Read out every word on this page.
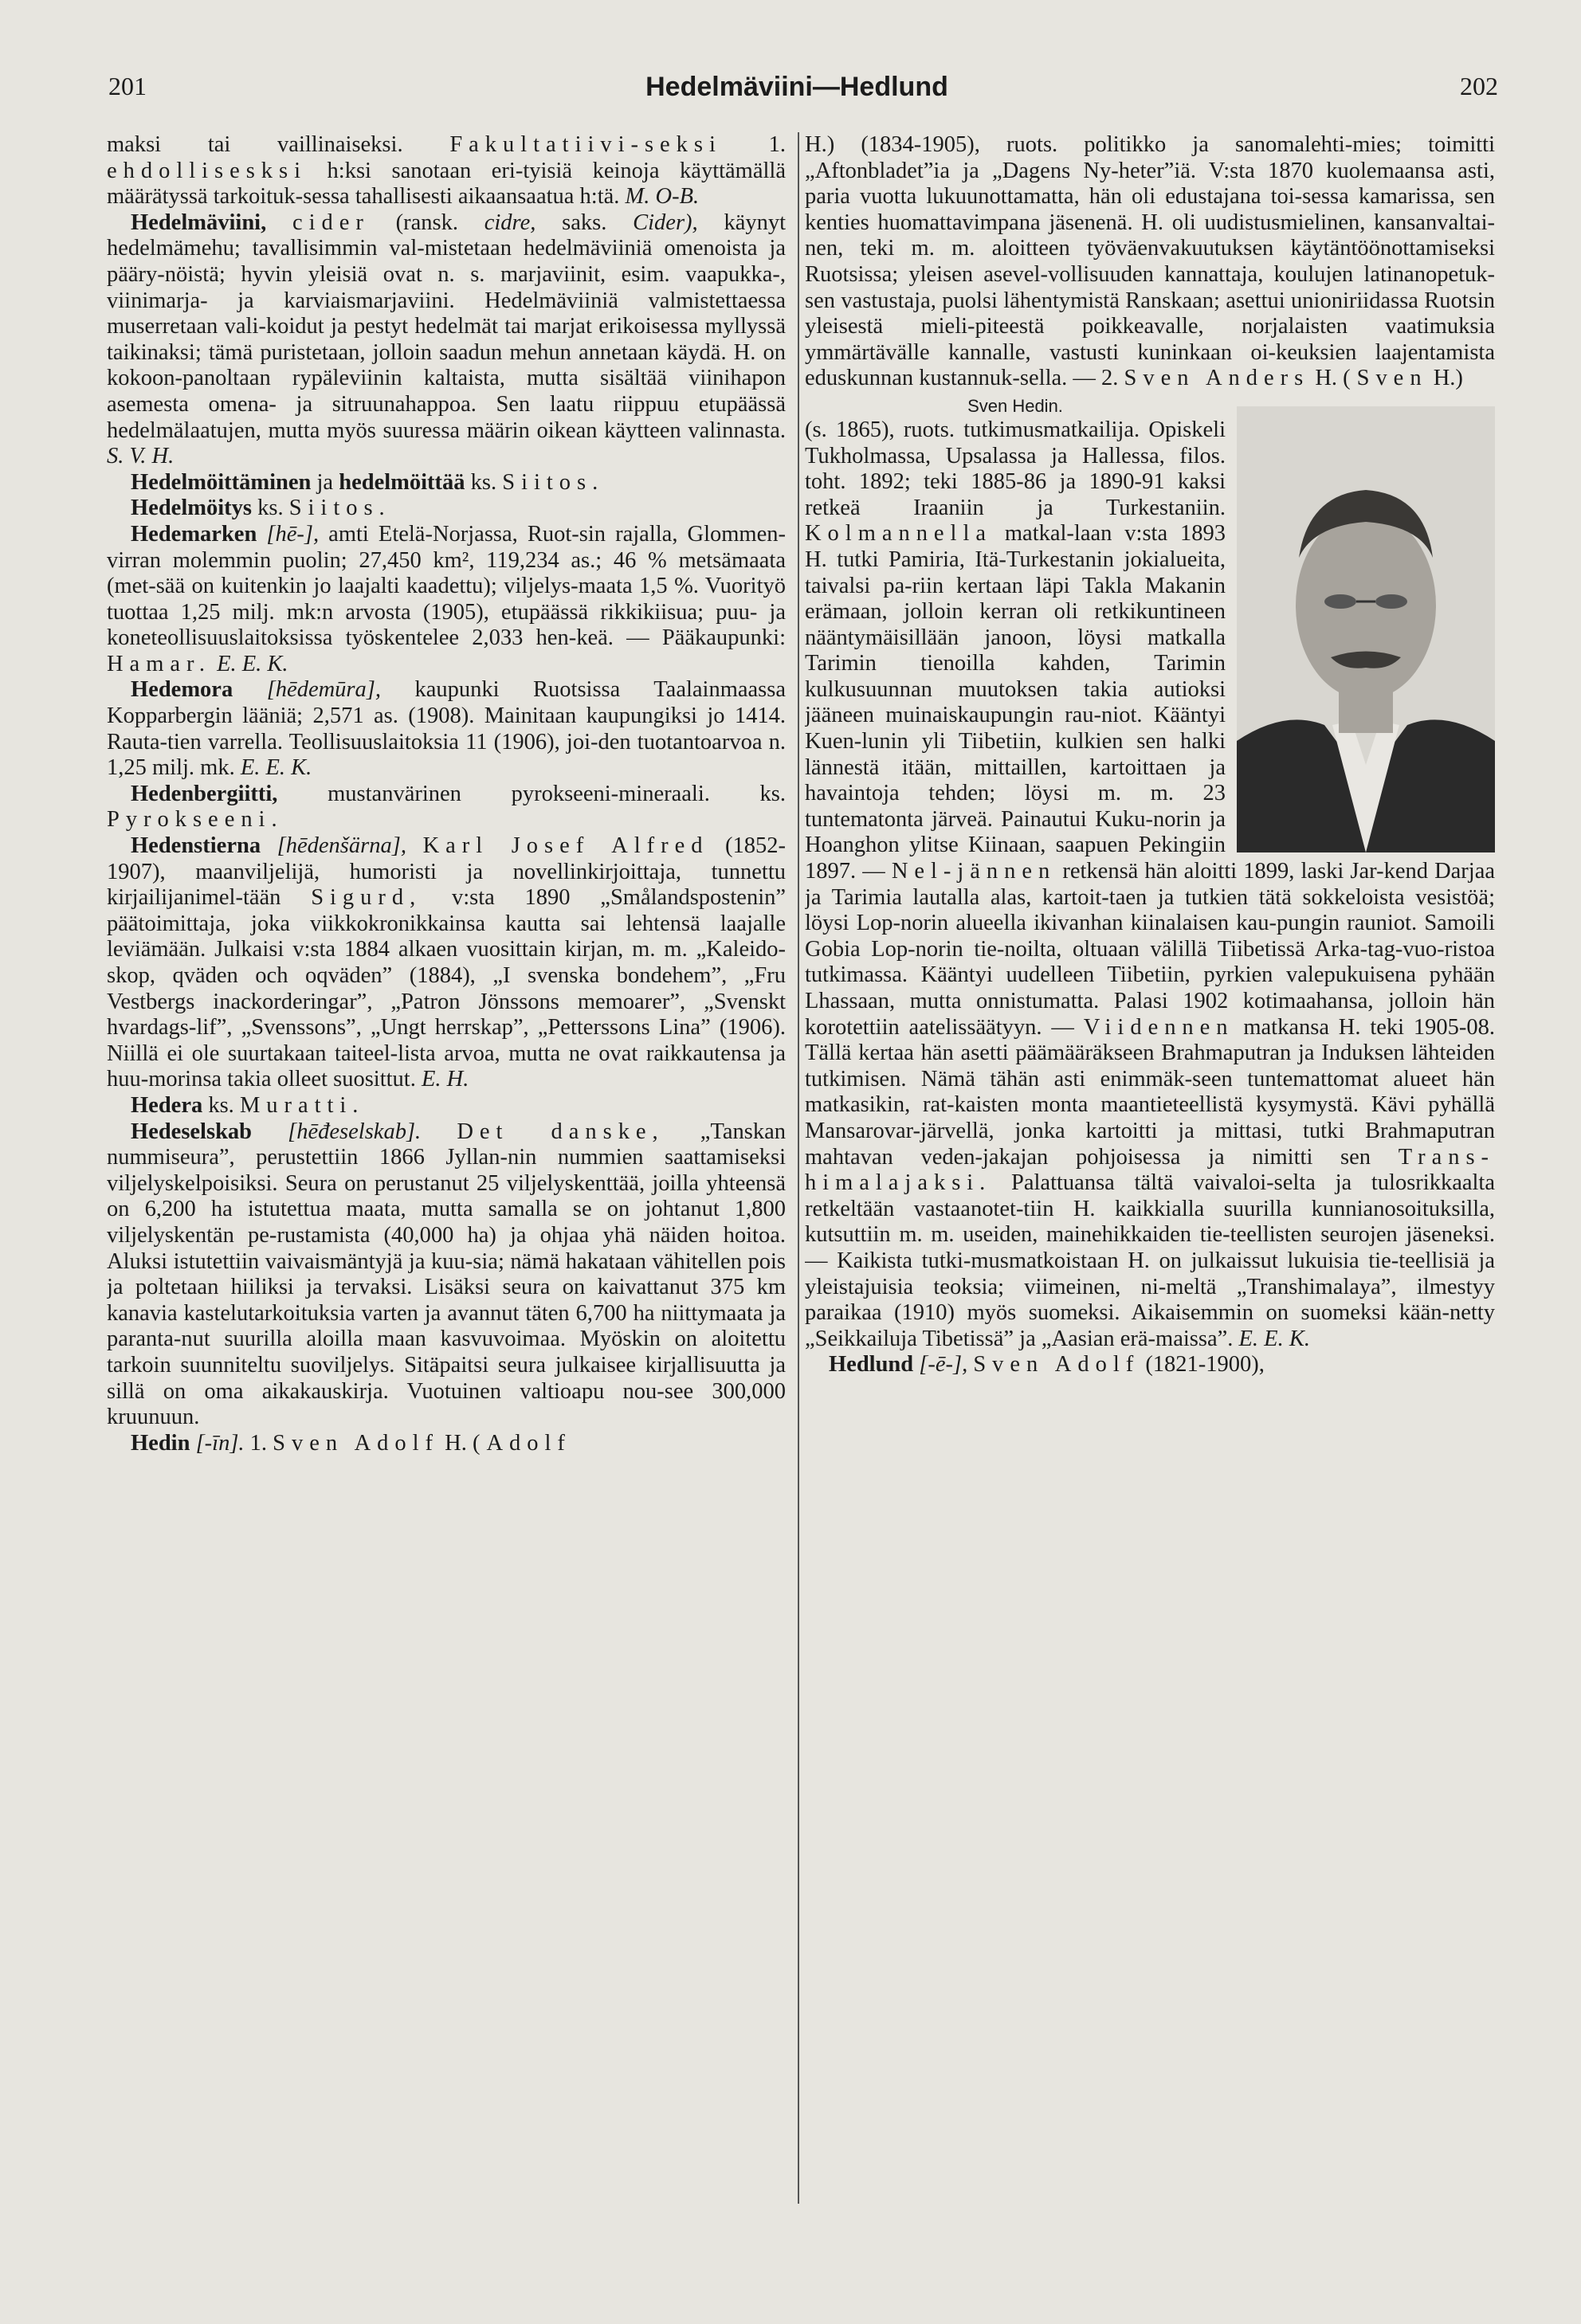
201	Hedelmäviini—Hedlund	202

maksi tai vaillinaiseksi. Fakultatiivi-seksi 1. ehdollisesksi h:ksi sanotaan eri-tyisiä keinoja käyttämällä määrätyssä tarkoituk-sessa tahallisesti aikaansaatua h:tä. M. O-B.

Hedelmäviini, cider (ransk. cidre, saks. Cider), käynyt hedelmämehu; tavallisimmin val-mistetaan hedelmäviiniä omenoista ja pääry-nöistä; hyvin yleisiä ovat n. s. marjaviinit, esim. vaapukka-, viinimarja- ja karviaismarjaviini. Hedelmäviiniä valmistettaessa muserretaan vali-koidut ja pestyt hedelmät tai marjat erikoisessa myllyssä taikinaksi; tämä puristetaan, jolloin saadun mehun annetaan käydä. H. on kokoon-panoltaan rypäleviinin kaltaista, mutta sisältää viinihapon asemesta omena- ja sitruunahappoa. Sen laatu riippuu etupäässä hedelmälaatujen, mutta myös suuressa määrin oikean käytteen valinnasta. S. V. H.

Hedelmöittäminen ja hedelmöittää ks. Siitos.

Hedelmöitys ks. Siitos.

Hedemarken [hē-], amti Etelä-Norjassa, Ruot-sin rajalla, Glommen-virran molemmin puolin; 27,450 km², 119,234 as.; 46 % metsämaata (met-sää on kuitenkin jo laajalti kaadettu); viljelys-maata 1,5 %. Vuorityö tuottaa 1,25 milj. mk:n arvosta (1905), etupäässä rikkikiisua; puu- ja koneteollisuuslaitoksissa työskentelee 2,033 hen-keä. — Pääkaupunki: Hamar. E. E. K.

Hedemora [hēdemūra], kaupunki Ruotsissa Taalainmaassa Kopparbergin lääniä; 2,571 as. (1908). Mainitaan kaupungiksi jo 1414. Rauta-tien varrella. Teollisuuslaitoksia 11 (1906), joi-den tuotantoarvoa n. 1,25 milj. mk. E. E. K.

Hedenbergiitti, mustanvärinen pyrokseeni-mineraali. ks. Pyrokseeni.

Hedenstierna [hēdenšärna], Karl Josef Alfred (1852-1907), maanviljelijä, humoristi ja novellinkirjoittaja, tunnettu kirjailijanimel-tään Sigurd, v:sta 1890 „Smålandspostenin” päätoimittaja, joka viikkokronikkainsa kautta sai lehtensä laajalle leviämään. Julkaisi v:sta 1884 alkaen vuosittain kirjan, m. m. „Kaleido-skop, qväden och oqväden” (1884), „I svenska bondehem”, „Fru Vestbergs inackorderingar”, „Patron Jönssons memoarer”, „Svenskt hvardags-lif”, „Svenssons”, „Ungt herrskap”, „Petterssons Lina” (1906). Niillä ei ole suurtakaan taiteel-lista arvoa, mutta ne ovat raikkautensa ja huu-morinsa takia olleet suosittut. E. H.

Hedera ks. Muratti.

Hedeselskab [hēđeselskab]. Det danske, „Tanskan nummiseura”, perustettiin 1866 Jyllan-nin nummien saattamiseksi viljelyskelpoisiksi. Seura on perustanut 25 viljelyskenttää, joilla yhteensä on 6,200 ha istutettua maata, mutta samalla se on johtanut 1,800 viljelyskentän pe-rustamista (40,000 ha) ja ohjaa yhä näiden hoitoa. Aluksi istutettiin vaivaismäntyjä ja kuu-sia; nämä hakataan vähitellen pois ja poltetaan hiiliksi ja tervaksi. Lisäksi seura on kaivattanut 375 km kanavia kastelutarkoituksia varten ja avannut täten 6,700 ha niittymaata ja paranta-nut suurilla aloilla maan kasvuvoimaa. Myöskin on aloitettu tarkoin suunniteltu suoviljelys. Sitäpaitsi seura julkaisee kirjallisuutta ja sillä on oma aikakauskirja. Vuotuinen valtioapu nou-see 300,000 kruunuun.

Hedin [-īn]. 1. Sven Adolf H. (Adolf

H.) (1834-1905), ruots. politikko ja sanomalehti-mies; toimitti „Aftonbladet”ia ja „Dagens Ny-heter”iä. V:sta 1870 kuolemaansa asti, paria vuotta lukuunottamatta, hän oli edustajana toi-sessa kamarissa, sen kenties huomattavimpana jäsenenä. H. oli uudistusmielinen, kansanvaltai-nen, teki m. m. aloitteen työväenvakuutuksen käytäntöönottamiseksi Ruotsissa; yleisen asevel-vollisuuden kannattaja, koulujen latinanopetuk-sen vastustaja, puolsi lähentymistä Ranskaan; asettui unioniriidassa Ruotsin yleisestä mieli-piteestä poikkeavalle, norjalaisten vaatimuksia ymmärtävälle kannalle, vastusti kuninkaan oi-keuksien laajentamista eduskunnan kustannuk-sella. — 2. Sven Anders H. (Sven H.)

Sven Hedin.
(s. 1865), ruots. tutkimusmatkailija. Opiskeli Tukholmassa, Upsalassa ja Hallessa, filos. toht. 1892; teki 1885-86 ja 1890-91 kaksi retkeä Iraaniin ja Turkestaniin. Kolmannella matkal-laan v:sta 1893 H. tutki Pamiria, Itä-Turkestanin jokialueita, taivalsi pa-riin kertaan läpi Takla Makanin erämaan, jolloin kerran oli retkikuntineen nääntymäisillään janoon, löysi matkalla Tarimin tienoilla kahden, Tarimin kulkusuunnan muutoksen takia autioksi jääneen muinaiskaupungin rau-niot. Kääntyi Kuen-lunin yli Tiibetiin, kulkien sen halki lännestä itään, mittaillen, kartoittaen ja havaintoja tehden; löysi m. m. 23 tuntematonta järveä. Painautui Kuku-norin ja Hoanghon ylitse Kiinaan, saapuen Pekingiin 1897. — Nel-jännen retkensä hän aloitti 1899, laski Jar-kend Darjaa ja Tarimia lautalla alas, kartoit-taen ja tutkien tätä sokkeloista vesistöä; löysi Lop-norin alueella ikivanhan kiinalaisen kau-pungin rauniot. Samoili Gobia Lop-norin tie-noilta, oltuaan välillä Tiibetissä Arka-tag-vuo-ristoa tutkimassa. Kääntyi uudelleen Tiibetiin, pyrkien valepukuisena pyhään Lhassaan, mutta onnistumatta. Palasi 1902 kotimaahansa, jolloin hän korotettiin aatelissäätyyn. — Viidennen matkansa H. teki 1905-08. Tällä kertaa hän asetti päämääräkseen Brahmaputran ja Induksen lähteiden tutkimisen. Nämä tähän asti enimmäk-seen tuntemattomat alueet hän matkasikin, rat-kaisten monta maantieteellistä kysymystä. Kävi pyhällä Mansarovar-järvellä, jonka kartoitti ja mittasi, tutki Brahmaputran mahtavan veden-jakajan pohjoisessa ja nimitti sen Trans-himalajaksi. Palattuansa tältä vaivaloi-selta ja tulosrikkaalta retkeltään vastaanotet-tiin H. kaikkialla suurilla kunnianosoituksilla, kutsuttiin m. m. useiden, mainehikkaiden tie-teellisten seurojen jäseneksi. — Kaikista tutki-musmatkoistaan H. on julkaissut lukuisia tie-teellisiä ja yleistajuisia teoksia; viimeinen, ni-meltä „Transhimalaya”, ilmestyy paraikaa (1910) myös suomeksi. Aikaisemmin on suomeksi kään-netty „Seikkailuja Tibetissä” ja „Aasian erä-maissa”. E. E. K.

Hedlund [-ē-], Sven Adolf (1821-1900),
